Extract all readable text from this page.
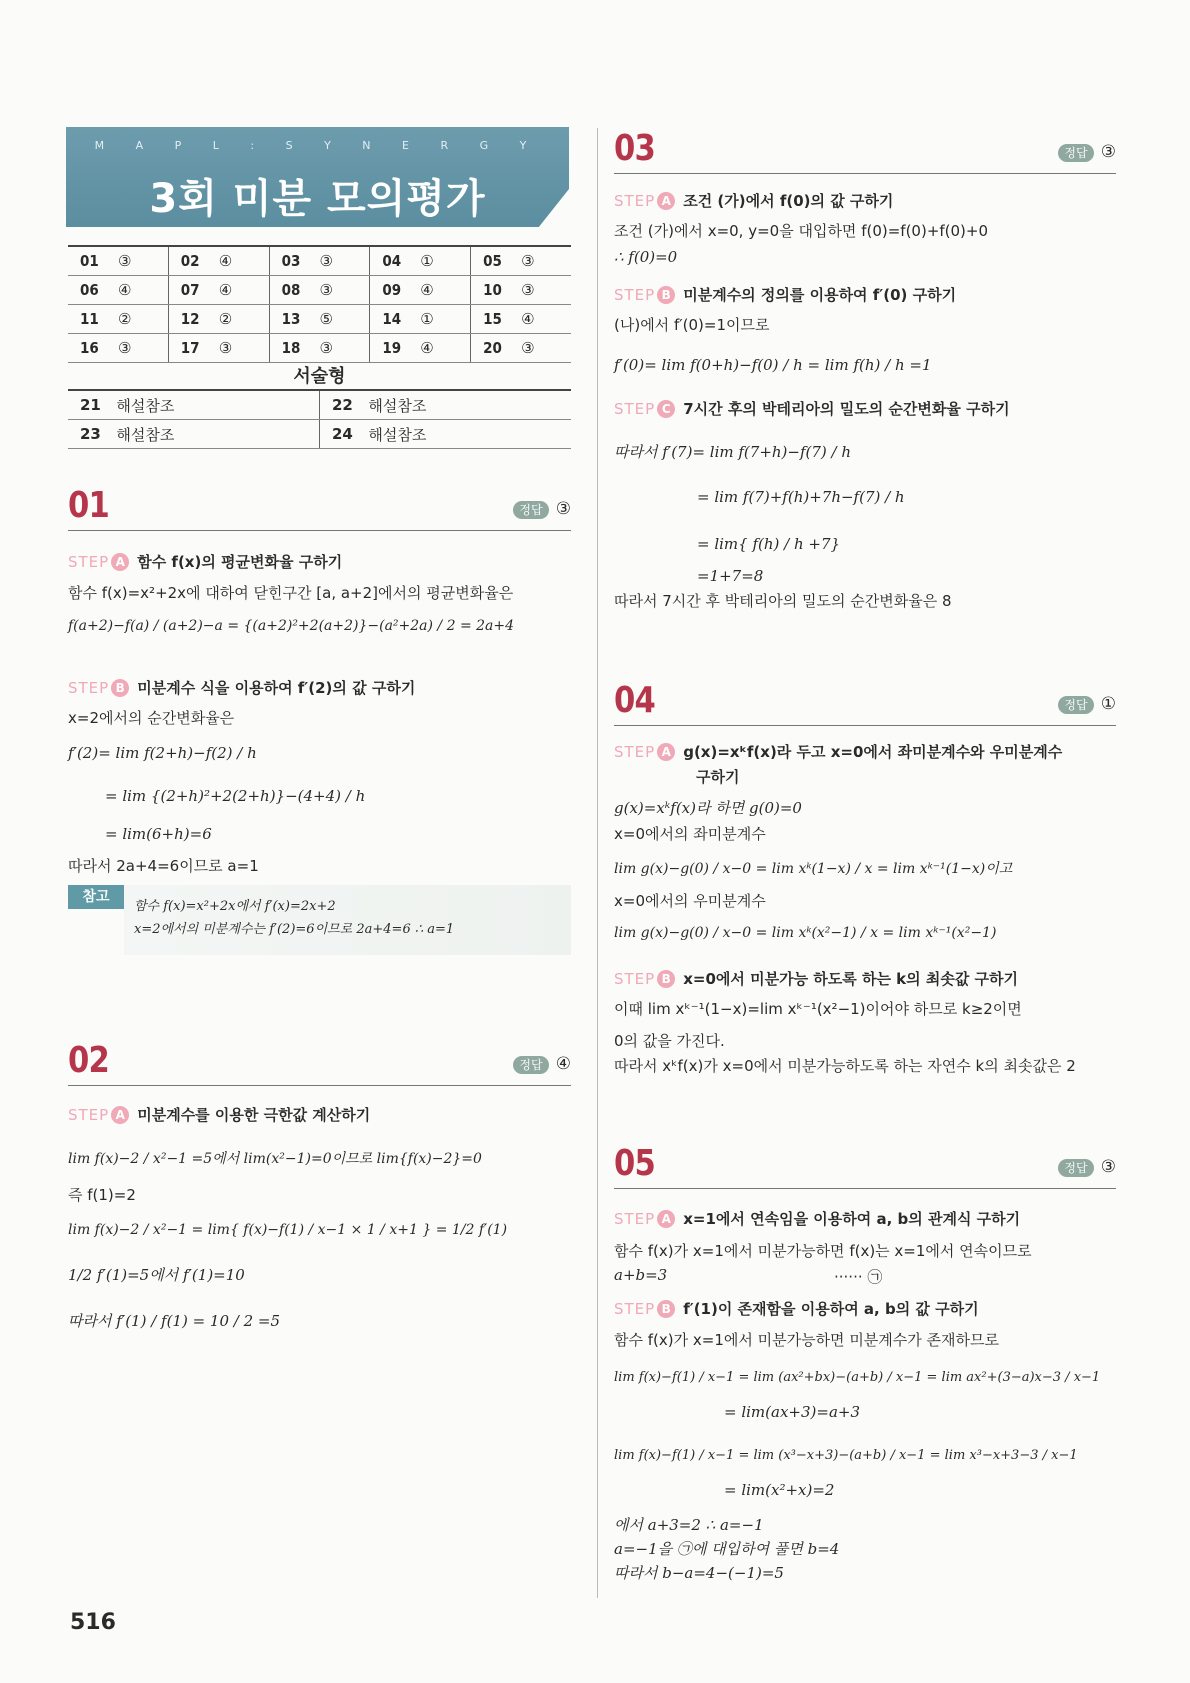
M A P L : S Y N E R G Y
3회 미분 모의평가
01	③	02	④	03	③	04	①	05	③
06	④	07	④	08	③	09	④	10	③
11	②	12	②	13	⑤	14	①	15	④
16	③	17	③	18	③	19	④	20	③
서술형
21	해설참조	22	해설참조
23	해설참조	24	해설참조
01	정답 ③
STEP A 함수 f(x)의 평균변화율 구하기
함수 f(x)=x²+2x에 대하여 닫힌구간 [a, a+2]에서의 평균변화율은
f(a+2)−f(a) / (a+2)−a = {(a+2)²+2(a+2)}−(a²+2a) / 2 = 2a+4
STEP B 미분계수 식을 이용하여 f′(2)의 값 구하기
x=2에서의 순간변화율은
f′(2)= lim f(2+h)−f(2) / h
= lim {(2+h)²+2(2+h)}−(4+4) / h
= lim(6+h)=6
따라서 2a+4=6이므로 a=1
참고
함수 f(x)=x²+2x에서 f′(x)=2x+2
x=2에서의 미분계수는 f′(2)=6이므로 2a+4=6 ∴ a=1
02	정답 ④
STEP A 미분계수를 이용한 극한값 계산하기
lim f(x)−2 / x²−1 =5에서 lim(x²−1)=0이므로 lim{f(x)−2}=0
즉 f(1)=2
lim f(x)−2 / x²−1 = lim{ f(x)−f(1) / x−1 × 1 / x+1 } = 1/2 f′(1)
1/2 f′(1)=5에서 f′(1)=10
따라서 f′(1) / f(1) = 10 / 2 =5
03	정답 ③
STEP A 조건 (가)에서 f(0)의 값 구하기
조건 (가)에서 x=0, y=0을 대입하면 f(0)=f(0)+f(0)+0
∴ f(0)=0
STEP B 미분계수의 정의를 이용하여 f′(0) 구하기
(나)에서 f′(0)=1이므로
f′(0)= lim f(0+h)−f(0) / h = lim f(h) / h =1
STEP C 7시간 후의 박테리아의 밀도의 순간변화율 구하기
따라서 f′(7)= lim f(7+h)−f(7) / h
= lim f(7)+f(h)+7h−f(7) / h
= lim{ f(h) / h +7}
=1+7=8
따라서 7시간 후 박테리아의 밀도의 순간변화율은 8
04	정답 ①
STEP A g(x)=xᵏf(x)라 두고 x=0에서 좌미분계수와 우미분계수
구하기
g(x)=xᵏf(x)라 하면 g(0)=0
x=0에서의 좌미분계수
lim g(x)−g(0) / x−0 = lim xᵏ(1−x) / x = lim xᵏ⁻¹(1−x)이고
x=0에서의 우미분계수
lim g(x)−g(0) / x−0 = lim xᵏ(x²−1) / x = lim xᵏ⁻¹(x²−1)
STEP B x=0에서 미분가능 하도록 하는 k의 최솟값 구하기
이때 lim xᵏ⁻¹(1−x)=lim xᵏ⁻¹(x²−1)이어야 하므로 k≥2이면
0의 값을 가진다.
따라서 xᵏf(x)가 x=0에서 미분가능하도록 하는 자연수 k의 최솟값은 2
05	정답 ③
STEP A x=1에서 연속임을 이용하여 a, b의 관계식 구하기
함수 f(x)가 x=1에서 미분가능하면 f(x)는 x=1에서 연속이므로
a+b=3	······ ㉠
STEP B f′(1)이 존재함을 이용하여 a, b의 값 구하기
함수 f(x)가 x=1에서 미분가능하면 미분계수가 존재하므로
lim f(x)−f(1) / x−1 = lim (ax²+bx)−(a+b) / x−1 = lim ax²+(3−a)x−3 / x−1
= lim(ax+3)=a+3
lim f(x)−f(1) / x−1 = lim (x³−x+3)−(a+b) / x−1 = lim x³−x+3−3 / x−1
= lim(x²+x)=2
에서 a+3=2 ∴ a=−1
a=−1을 ㉠에 대입하여 풀면 b=4
따라서 b−a=4−(−1)=5
516
